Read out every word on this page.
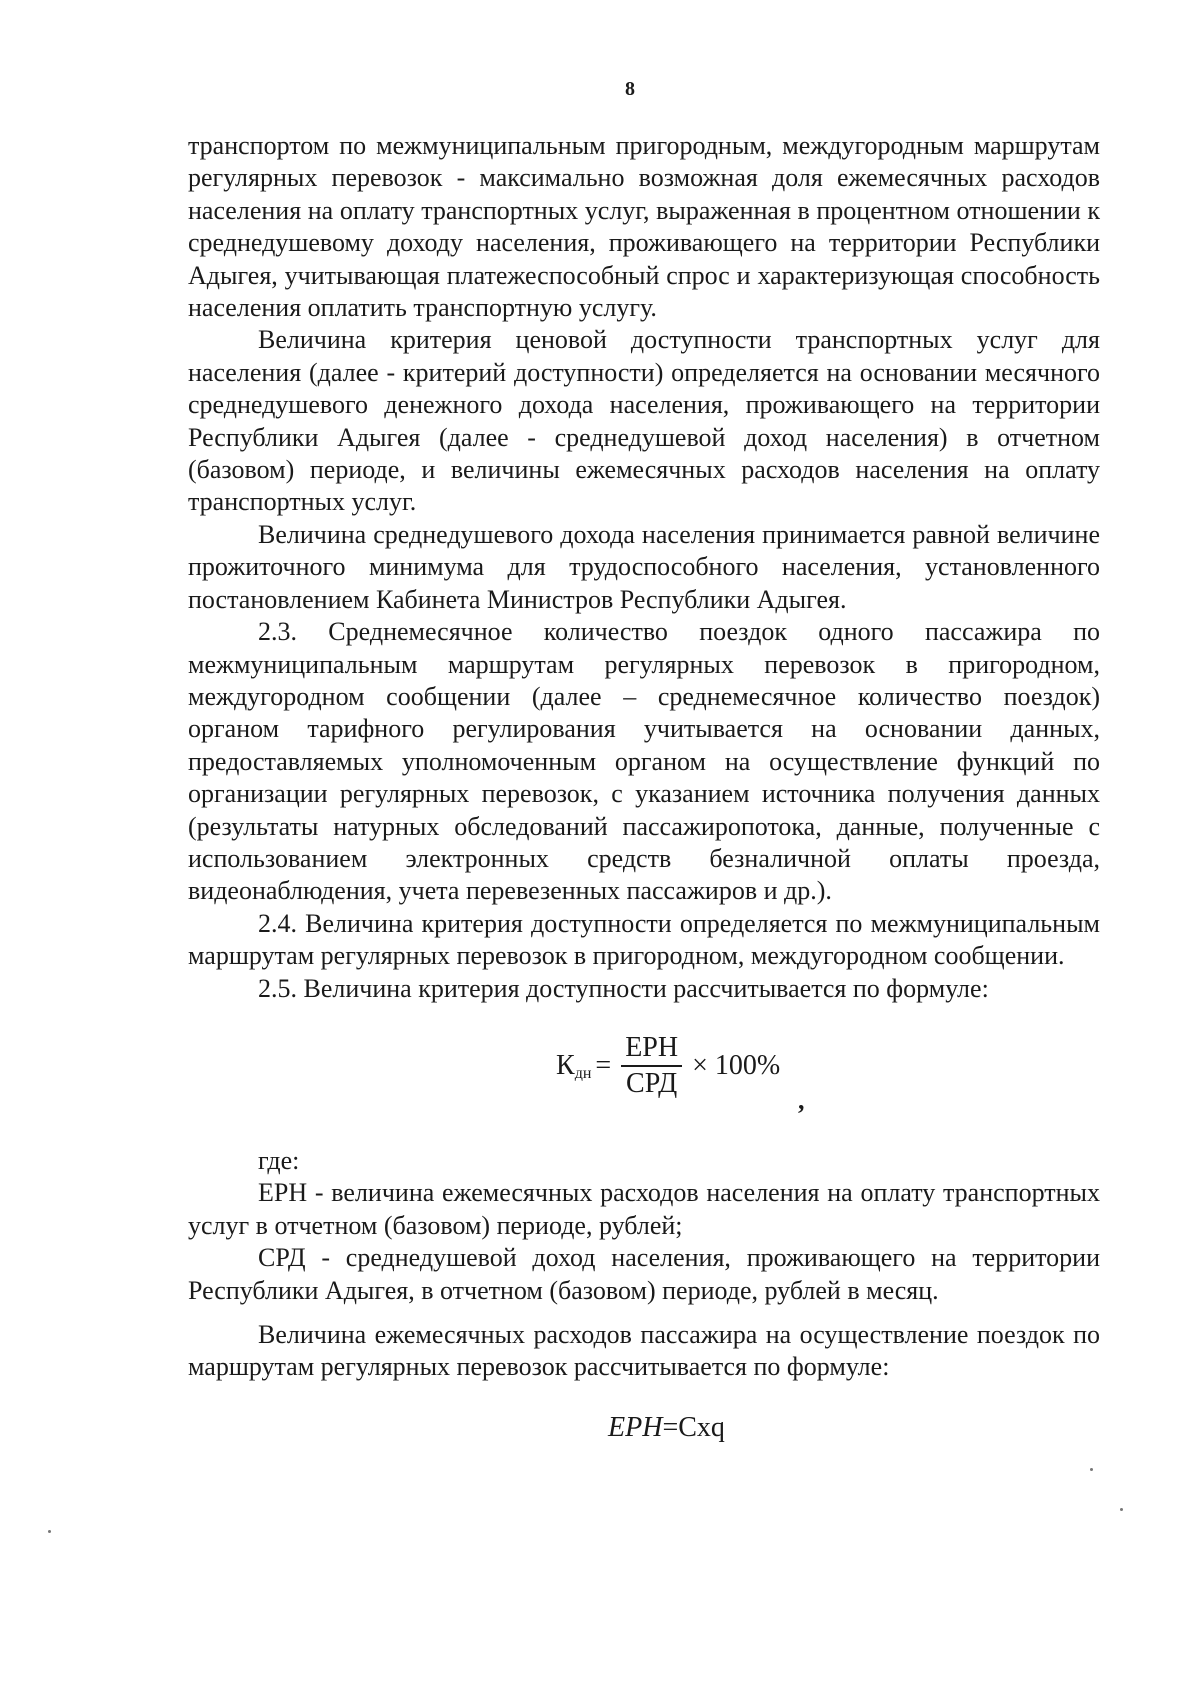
8

транспортом по межмуниципальным пригородным, междугородным маршрутам регулярных перевозок - максимально возможная доля ежемесячных расходов населения на оплату транспортных услуг, выраженная в процентном отношении к среднедушевому доходу населения, проживающего на территории Республики Адыгея, учитывающая платежеспособный спрос и характеризующая способность населения оплатить транспортную услугу.

Величина критерия ценовой доступности транспортных услуг для населения (далее - критерий доступности) определяется на основании месячного среднедушевого денежного дохода населения, проживающего на территории Республики Адыгея (далее - среднедушевой доход населения) в отчетном (базовом) периоде, и величины ежемесячных расходов населения на оплату транспортных услуг.

Величина среднедушевого дохода населения принимается равной величине прожиточного минимума для трудоспособного населения, установленного постановлением Кабинета Министров Республики Адыгея.

2.3. Среднемесячное количество поездок одного пассажира по межмуниципальным маршрутам регулярных перевозок в пригородном, междугородном сообщении (далее – среднемесячное количество поездок) органом тарифного регулирования учитывается на основании данных, предоставляемых уполномоченным органом на осуществление функций по организации регулярных перевозок, с указанием источника получения данных (результаты натурных обследований пассажиропотока, данные, полученные с использованием электронных средств безналичной оплаты проезда, видеонаблюдения, учета перевезенных пассажиров и др.).

2.4. Величина критерия доступности определяется по межмуниципальным маршрутам регулярных перевозок в пригородном, междугородном сообщении.

2.5. Величина критерия доступности рассчитывается по формуле:

К дн = $\frac{\text{ЕРН}}{\text{СРД}} \times 100\%$
,

где:

ЕРН - величина ежемесячных расходов населения на оплату транспортных услуг в отчетном (базовом) периоде, рублей;

СРД - среднедушевой доход населения, проживающего на территории Республики Адыгея, в отчетном (базовом) периоде, рублей в месяц.

Величина ежемесячных расходов пассажира на осуществление поездок по маршрутам регулярных перевозок рассчитывается по формуле:

ЕРН=Cxq
